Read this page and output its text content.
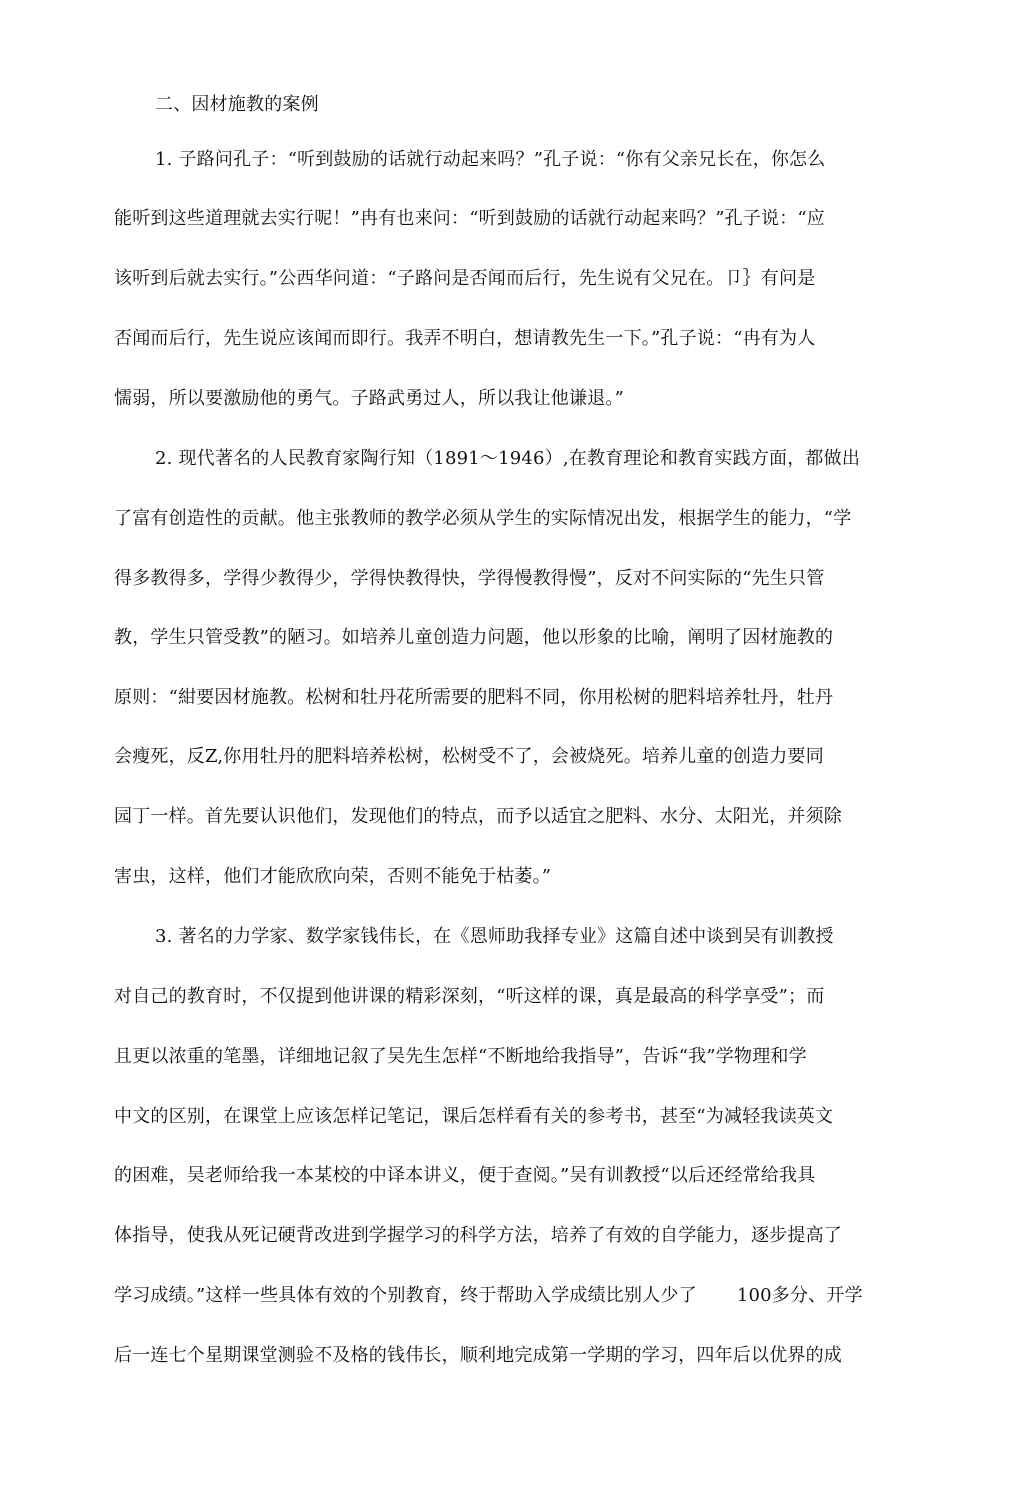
二、因材施教的案例
1. 子路问孔子：“听到鼓励的话就行动起来吗？”孔子说：“你有父亲兄长在，你怎么
能听到这些道理就去实行呢！”冉有也来问：“听到鼓励的话就行动起来吗？”孔子说：“应
该听到后就去实行。”公西华问道：“子路问是否闻而后行，先生说有父兄在。卩｝有问是
否闻而后行，先生说应该闻而即行。我弄不明白，想请教先生一下。”孔子说：“冉有为人
懦弱，所以要激励他的勇气。子路武勇过人，所以我让他谦退。”
2. 现代著名的人民教育家陶行知（1891～1946）,在教育理论和教育实践方面，都做出
了富有创造性的贡献。他主张教师的教学必须从学生的实际情况出发，根据学生的能力，“学
得多教得多，学得少教得少，学得快教得快，学得慢教得慢”，反对不问实际的“先生只管
教，学生只管受教”的陋习。如培养儿童创造力问题，他以形象的比喻，阐明了因材施教的
原则：“紺要因材施教。松树和牡丹花所需要的肥料不同，你用松树的肥料培养牡丹，牡丹
会瘦死，反Z,你用牡丹的肥料培养松树，松树受不了，会被烧死。培养儿童的创造力要同
园丁一样。首先要认识他们，发现他们的特点，而予以适宜之肥料、水分、太阳光，并须除
害虫，这样，他们才能欣欣向荣，否则不能免于枯萎。”
3. 著名的力学家、数学家钱伟长，在《恩师助我择专业》这篇自述中谈到吴有训教授
对自己的教育时，不仅提到他讲课的精彩深刻，“听这样的课，真是最高的科学享受”；而
且更以浓重的笔墨，详细地记叙了吴先生怎样“不断地给我指导”，告诉“我”学物理和学
中文的区别，在课堂上应该怎样记笔记，课后怎样看有关的参考书，甚至“为减轻我读英文
的困难，吴老师给我一本某校的中译本讲义，便于查阅。”吴有训教授“以后还经常给我具
体指导，使我从死记硬背改进到学握学习的科学方法，培养了有效的自学能力，逐步提高了
学习成绩。”这样一些具体有效的个别教育，终于帮助入学成绩比别人少了 100多分、开学
后一连七个星期课堂测验不及格的钱伟长，顺利地完成第一学期的学习，四年后以优界的成
